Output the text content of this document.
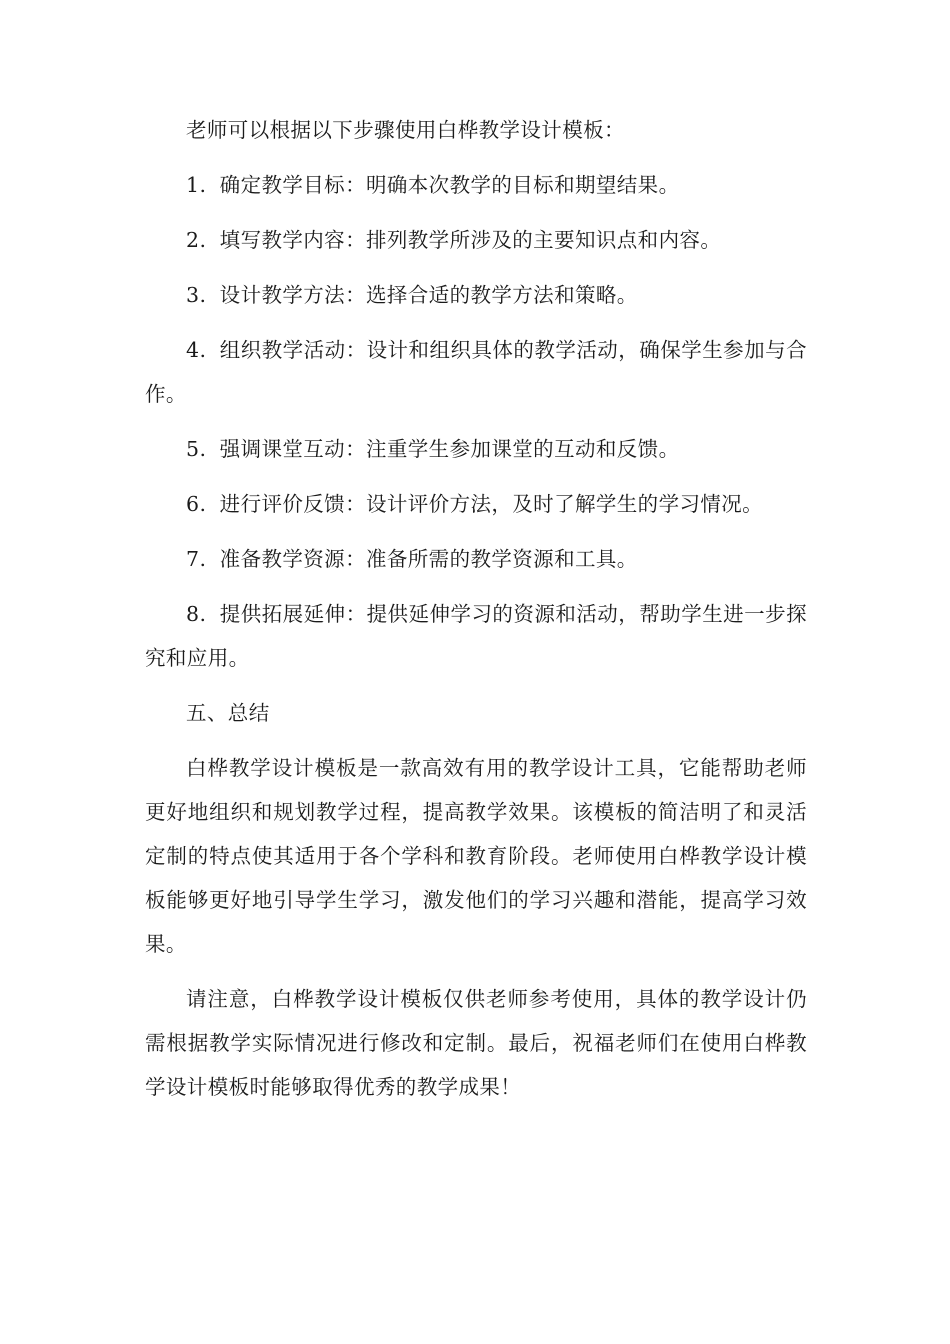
老师可以根据以下步骤使用白桦教学设计模板：

1. 确定教学目标：明确本次教学的目标和期望结果。

2. 填写教学内容：排列教学所涉及的主要知识点和内容。

3. 设计教学方法：选择合适的教学方法和策略。

4. 组织教学活动：设计和组织具体的教学活动，确保学生参加与合作。

5. 强调课堂互动：注重学生参加课堂的互动和反馈。

6. 进行评价反馈：设计评价方法，及时了解学生的学习情况。

7. 准备教学资源：准备所需的教学资源和工具。

8. 提供拓展延伸：提供延伸学习的资源和活动，帮助学生进一步探究和应用。

五、总结

白桦教学设计模板是一款高效有用的教学设计工具，它能帮助老师更好地组织和规划教学过程，提高教学效果。该模板的简洁明了和灵活定制的特点使其适用于各个学科和教育阶段。老师使用白桦教学设计模板能够更好地引导学生学习，激发他们的学习兴趣和潜能，提高学习效果。

请注意，白桦教学设计模板仅供老师参考使用，具体的教学设计仍需根据教学实际情况进行修改和定制。最后，祝福老师们在使用白桦教学设计模板时能够取得优秀的教学成果！
